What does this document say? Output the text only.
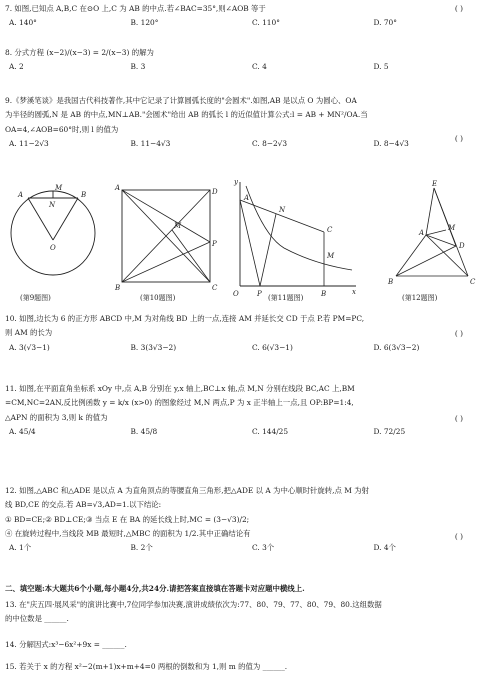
7. 如图,已知点 A,B,C 在⊙O 上,C 为 AB 的中点.若∠BAC=35°,则∠AOB 等于	( )
A. 140°	B. 120°	C. 110°	D. 70°
8. 分式方程 (x−2)/(x−3) = 2/(x−3) 的解为
A. 2	B. 3	C. 4	D. 5
9.《梦溪笔谈》是我国古代科技著作,其中它记录了计算圆弧长度的"会圆术".如图,AB 是以点 O 为圆心、OA
为半径的圆弧,N 是 AB 的中点,MN⊥AB."会圆术"给出 AB 的弧长 l 的近似值计算公式:l = AB + MN²/OA.当
OA=4,∠AOB=60°时,则 l 的值为
( )
A. 11−2√3	B. 11−4√3	C. 8−2√3	D. 8−4√3
A	B
M
N
O
(第9题图)
A	D
B	C
M
P
(第10题图)
y
x
A
N
C
M
O	P	B
(第11题图)
E
A
D
M
B	C
(第12题图)
10. 如图,边长为 6 的正方形 ABCD 中,M 为对角线 BD 上的一点,连接 AM 并延长交 CD 于点 P.若 PM=PC,
则 AM 的长为	( )
A. 3(√3−1)	B. 3(3√3−2)	C. 6(√3−1)	D. 6(3√3−2)
11. 如图,在平面直角坐标系 xOy 中,点 A,B 分别在 y,x 轴上,BC⊥x 轴,点 M,N 分别在线段 BC,AC 上,BM
=CM,NC=2AN,反比例函数 y = k/x (x>0) 的图象经过 M,N 两点,P 为 x 正半轴上一点,且 OP:BP=1:4,
△APN 的面积为 3,则 k 的值为	( )
A. 45/4	B. 45/8	C. 144/25	D. 72/25
12. 如图,△ABC 和△ADE 是以点 A 为直角顶点的等腰直角三角形,把△ADE 以 A 为中心顺时针旋转,点 M 为射
线 BD,CE 的交点.若 AB=√3,AD=1.以下结论:
① BD=CE;② BD⊥CE;③ 当点 E 在 BA 的延长线上时,MC = (3−√3)/2;
④ 在旋转过程中,当线段 MB 最短时,△MBC 的面积为 1/2.其中正确结论有	( )
A. 1个	B. 2个	C. 3个	D. 4个
二、填空题:本大题共6个小题,每小题4分,共24分.请把答案直接填在答题卡对应题中横线上.
13. 在"庆五四·展风采"的演讲比赛中,7位同学参加决赛,演讲成绩依次为:77、80、79、77、80、79、80.这组数据
的中位数是 ______.
14. 分解因式:x³−6x²+9x = ______.
15. 若关于 x 的方程 x²−2(m+1)x+m+4=0 两根的倒数和为 1,则 m 的值为 ______.
